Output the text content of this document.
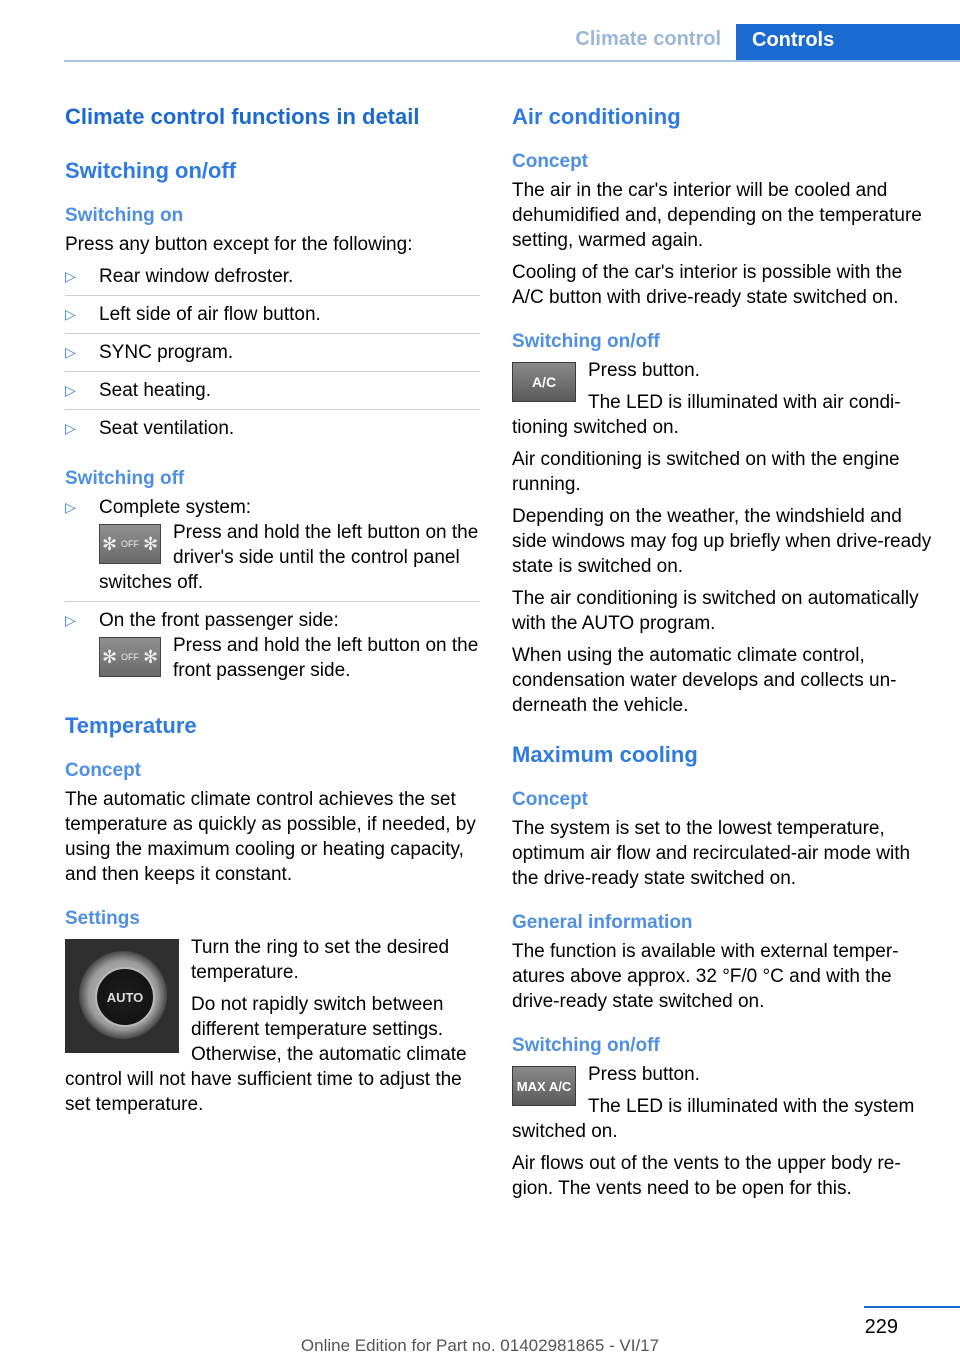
Climate control	Controls
Climate control functions in detail
Switching on/off
Switching on

Press any button except for the following:

▷ Rear window defroster.
▷ Left side of air flow button.
▷ SYNC program.
▷ Seat heating.
▷ Seat ventilation.
Switching off
▷ Complete system:
✻ OFF ✻
Press and hold the left button on the driver's side until the control panel switches off.
▷ On the front passenger side:
✻ OFF ✻
Press and hold the left button on the front passenger side.
Temperature
Concept

The automatic climate control achieves the set temperature as quickly as possible, if needed, by using the maximum cooling or heating capacity, and then keeps it constant.

Settings
AUTO

Turn the ring to set the desired temperature.

Do not rapidly switch between different temperature settings. Otherwise, the automatic climate control will not have sufficient time to adjust the set temperature.

Air conditioning
Concept

The air in the car's interior will be cooled and dehumidified and, depending on the temperature setting, warmed again.

Cooling of the car's interior is possible with the A/C button with drive-ready state switched on.

Switching on/off
A/C

Press button.

The LED is illuminated with air conditioning switched on.

Air conditioning is switched on with the engine running.

Depending on the weather, the windshield and side windows may fog up briefly when drive-ready state is switched on.

The air conditioning is switched on automatically with the AUTO program.

When using the automatic climate control, condensation water develops and collects underneath the vehicle.

Maximum cooling
Concept

The system is set to the lowest temperature, optimum air flow and recirculated-air mode with the drive-ready state switched on.

General information

The function is available with external temperatures above approx. 32 °F/0 °C and with the drive-ready state switched on.

Switching on/off
MAX A/C

Press button.

The LED is illuminated with the system switched on.

Air flows out of the vents to the upper body region. The vents need to be open for this.

229
Online Edition for Part no. 01402981865 - VI/17
